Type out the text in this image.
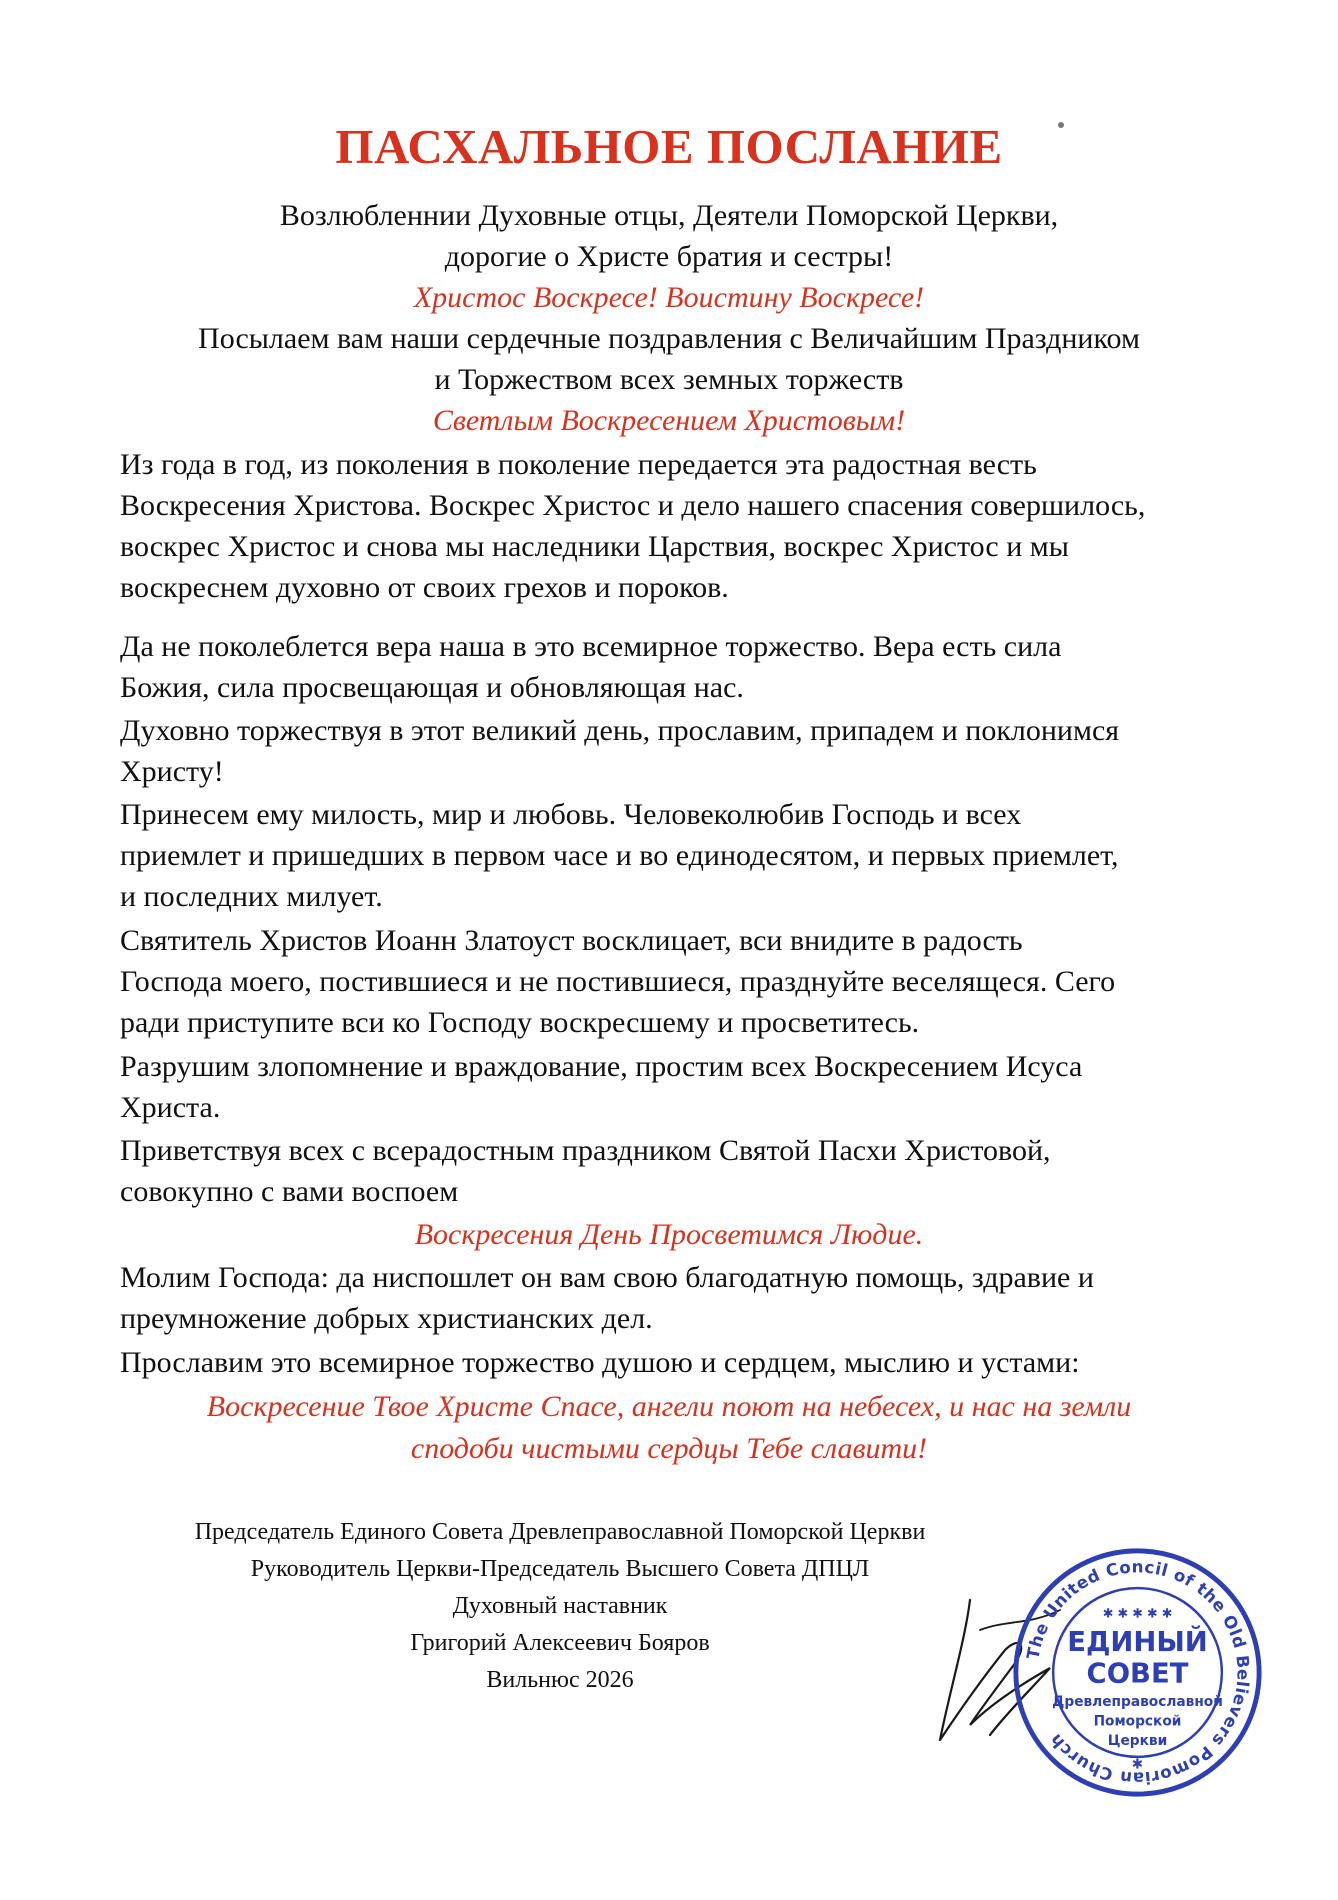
ПАСХАЛЬНОЕ ПОСЛАНИЕ
Возлюбленнии Духовные отцы, Деятели Поморской Церкви,
дорогие о Христе братия и сестры!
Христос Воскресе! Воистину Воскресе!
Посылаем вам наши сердечные поздравления с Величайшим Праздником
и Торжеством всех земных торжеств
Светлым Воскресением Христовым!
Из года в год, из поколения в поколение передается эта радостная весть
Воскресения Христова. Воскрес Христос и дело нашего спасения совершилось,
воскрес Христос и снова мы наследники Царствия, воскрес Христос и мы
воскреснем духовно от своих грехов и пороков.
Да не поколеблется вера наша в это всемирное торжество. Вера есть сила
Божия, сила просвещающая и обновляющая нас.
Духовно торжествуя в этот великий день, прославим, припадем и поклонимся
Христу!
Принесем ему милость, мир и любовь. Человеколюбив Господь и всех
приемлет и пришедших в первом часе и во единодесятом, и первых приемлет,
и последних милует.
Святитель Христов Иоанн Златоуст восклицает, вси внидите в радость
Господа моего, постившиеся и не постившиеся, празднуйте веселящеся. Сего
ради приступите вси ко Господу воскресшему и просветитесь.
Разрушим злопомнение и враждование, простим всех Воскресением Исуса
Христа.
Приветствуя всех с всерадостным праздником Святой Пасхи Христовой,
совокупно с вами воспоем
Воскресения День Просветимся Людие.
Молим Господа: да ниспошлет он вам свою благодатную помощь, здравие и
преумножение добрых христианских дел.
Прославим это всемирное торжество душою и сердцем, мыслию и устами:
Воскресение Твое Христе Спасе, ангели поют на небесех, и нас на земли
сподоби чистыми сердцы Тебе славити!
Председатель Единого Совета Древлеправославной Поморской Церкви
Руководитель Церкви-Председатель Высшего Совета ДПЦЛ
Духовный наставник
Григорий Алексеевич Бояров
Вильнюс 2026
The United Concil of the Old Believers Pomorian Church
✱ ✱ ✱ ✱ ✱
ЕДИНЫЙ
СОВЕТ
Древлеправославной
Поморской
Церкви
✱
